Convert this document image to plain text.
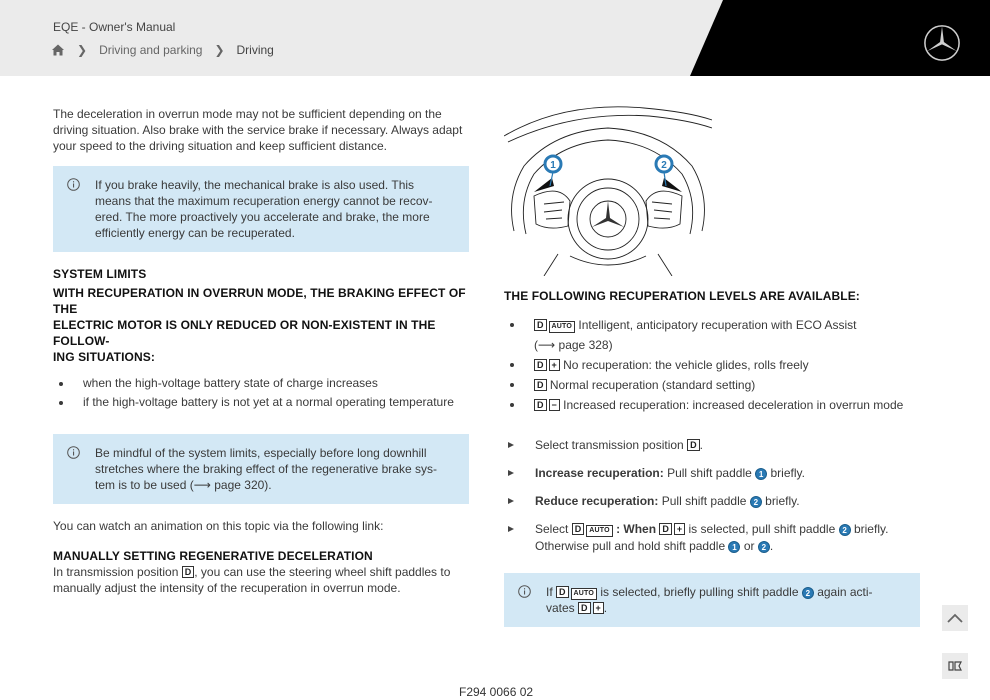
EQE - Owner's Manual
❯ Driving and parking ❯ Driving

The deceleration in overrun mode may not be sufficient depending on the driving situation. Also brake with the service brake if necessary. Always adapt your speed to the driving situation and keep sufficient distance.

If you brake heavily, the mechanical brake is also used. This
means that the maximum recuperation energy cannot be recov-
ered. The more proactively you accelerate and brake, the more
efficiently energy can be recuperated.
SYSTEM LIMITS
WITH RECUPERATION IN OVERRUN MODE, THE BRAKING EFFECT OF THE
ELECTRIC MOTOR IS ONLY REDUCED OR NON-EXISTENT IN THE FOLLOW-
ING SITUATIONS:
when the high-voltage battery state of charge increases
if the high-voltage battery is not yet at a normal operating temperature
Be mindful of the system limits, especially before long downhill
stretches where the braking effect of the regenerative brake sys-
tem is to be used (⟶ page 320).

You can watch an animation on this topic via the following link:

MANUALLY SETTING REGENERATIVE DECELERATION
In transmission position D , you can use the steering wheel shift paddles to
manually adjust the intensity of the recuperation in overrun mode.
1	2
THE FOLLOWING RECUPERATION LEVELS ARE AVAILABLE:
D AUTO Intelligent, anticipatory recuperation with ECO Assist
(⟶ page 328)
D + No recuperation: the vehicle glides, rolls freely
D Normal recuperation (standard setting)
D − Increased recuperation: increased deceleration in overrun mode
Select transmission position D .
Increase recuperation: Pull shift paddle 1 briefly.
Reduce recuperation: Pull shift paddle 2 briefly.
Select D AUTO : When D + is selected, pull shift paddle 2 briefly.
Otherwise pull and hold shift paddle 1 or 2 .
If D AUTO is selected, briefly pulling shift paddle 2 again acti-
vates D + .
F294 0066 02
